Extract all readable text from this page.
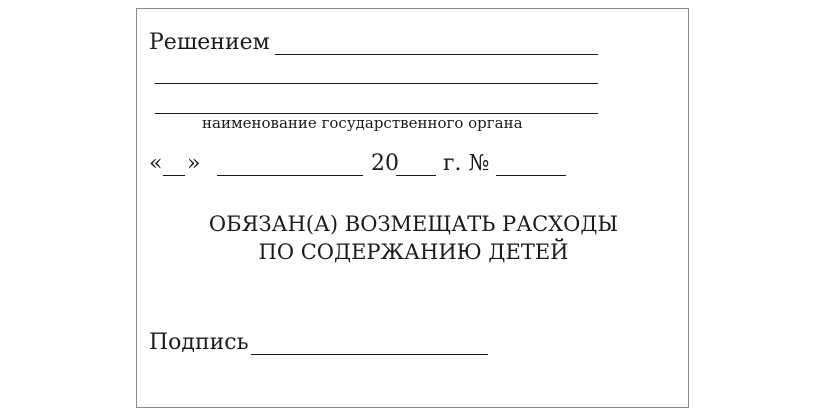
Решением
наименование государственного органа
« »	20 г. №
ОБЯЗАН(А) ВОЗМЕЩАТЬ РАСХОДЫ
ПО СОДЕРЖАНИЮ ДЕТЕЙ
Подпись
